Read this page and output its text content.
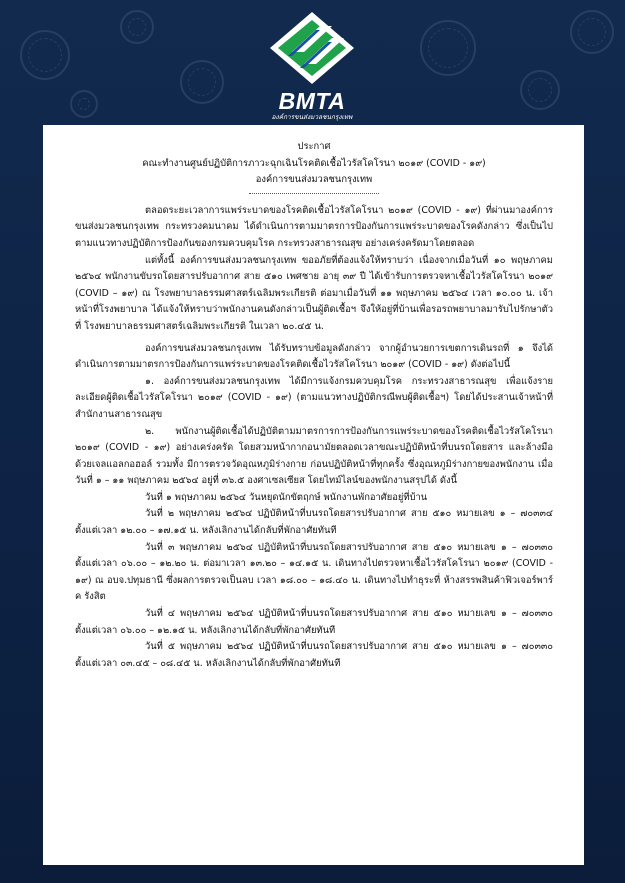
BMTA
องค์การขนส่งมวลชนกรุงเทพ
ประกาศ
คณะทำงานศูนย์ปฏิบัติการภาวะฉุกเฉินโรคติดเชื้อไวรัสโคโรนา ๒๐๑๙ (COVID - ๑๙)
องค์การขนส่งมวลชนกรุงเทพ

ตลอดระยะเวลาการแพร่ระบาดของโรคติดเชื้อไวรัสโคโรนา ๒๐๑๙ (COVID - ๑๙) ที่ผ่านมาองค์การขนส่งมวลชนกรุงเทพ กระทรวงคมนาคม ได้ดำเนินการตามมาตรการป้องกันการแพร่ระบาดของโรคดังกล่าว ซึ่งเป็นไปตามแนวทางปฏิบัติการป้องกันของกรมควบคุมโรค กระทรวงสาธารณสุข อย่างเคร่งครัดมาโดยตลอด

แต่ทั้งนี้ องค์การขนส่งมวลชนกรุงเทพ ขออภัยที่ต้องแจ้งให้ทราบว่า เนื่องจากเมื่อวันที่ ๑๐ พฤษภาคม ๒๕๖๔ พนักงานขับรถโดยสารปรับอากาศ สาย ๕๑๐ เพศชาย อายุ ๓๙ ปี ได้เข้ารับการตรวจหาเชื้อไวรัสโคโรนา ๒๐๑๙ (COVID – ๑๙) ณ โรงพยาบาลธรรมศาสตร์เฉลิมพระเกียรติ ต่อมาเมื่อวันที่ ๑๑ พฤษภาคม ๒๕๖๔ เวลา ๑๐.๐๐ น. เจ้าหน้าที่โรงพยาบาล ได้แจ้งให้ทราบว่าพนักงานคนดังกล่าวเป็นผู้ติดเชื้อฯ จึงให้อยู่ที่บ้านเพื่อรอรถพยาบาลมารับไปรักษาตัวที่ โรงพยาบาลธรรมศาสตร์เฉลิมพระเกียรติ ในเวลา ๒๐.๔๕ น.

องค์การขนส่งมวลชนกรุงเทพ ได้รับทราบข้อมูลดังกล่าว จากผู้อำนวยการเขตการเดินรถที่ ๑ จึงได้ดำเนินการตามมาตรการป้องกันการแพร่ระบาดของโรคติดเชื้อไวรัสโคโรนา ๒๐๑๙ (COVID - ๑๙) ดังต่อไปนี้

๑. องค์การขนส่งมวลชนกรุงเทพ ได้มีการแจ้งกรมควบคุมโรค กระทรวงสาธารณสุข เพื่อแจ้งรายละเอียดผู้ติดเชื้อไวรัสโคโรนา ๒๐๑๙ (COVID - ๑๙) (ตามแนวทางปฏิบัติกรณีพบผู้ติดเชื้อฯ) โดยได้ประสานเจ้าหน้าที่สำนักงานสาธารณสุข

๒. พนักงานผู้ติดเชื้อได้ปฏิบัติตามมาตรการการป้องกันการแพร่ระบาดของโรคติดเชื้อไวรัสโคโรนา ๒๐๑๙ (COVID - ๑๙) อย่างเคร่งครัด โดยสวมหน้ากากอนามัยตลอดเวลาขณะปฏิบัติหน้าที่บนรถโดยสาร และล้างมือด้วยเจลแอลกอฮอล์ รวมทั้ง มีการตรวจวัดอุณหภูมิร่างกาย ก่อนปฏิบัติหน้าที่ทุกครั้ง ซึ่งอุณหภูมิร่างกายของพนักงาน เมื่อวันที่ ๑ – ๑๑ พฤษภาคม ๒๕๖๔ อยู่ที่ ๓๖.๕ องศาเซลเซียส โดยไทม์ไลน์ของพนักงานสรุปได้ ดังนี้

วันที่ ๑ พฤษภาคม ๒๕๖๔ วันหยุดนักขัตฤกษ์ พนักงานพักอาศัยอยู่ที่บ้าน

วันที่ ๒ พฤษภาคม ๒๕๖๔ ปฏิบัติหน้าที่บนรถโดยสารปรับอากาศ สาย ๕๑๐ หมายเลข ๑ – ๗๐๓๓๔ ตั้งแต่เวลา ๑๒.๐๐ – ๑๗.๑๕ น. หลังเลิกงานได้กลับที่พักอาศัยทันที

วันที่ ๓ พฤษภาคม ๒๕๖๔ ปฏิบัติหน้าที่บนรถโดยสารปรับอากาศ สาย ๕๑๐ หมายเลข ๑ – ๗๐๓๓๐ ตั้งแต่เวลา ๐๖.๐๐ – ๑๒.๒๐ น. ต่อมาเวลา ๑๓.๒๐ – ๑๔.๑๕ น. เดินทางไปตรวจหาเชื้อไวรัสโคโรนา ๒๐๑๙ (COVID - ๑๙) ณ อบจ.ปทุมธานี ซึ่งผลการตรวจเป็นลบ เวลา ๑๘.๐๐ – ๑๘.๔๐ น. เดินทางไปทำธุระที่ ห้างสรรพสินค้าฟิวเจอร์พาร์ค รังสิต

วันที่ ๔ พฤษภาคม ๒๕๖๔ ปฏิบัติหน้าที่บนรถโดยสารปรับอากาศ สาย ๕๑๐ หมายเลข ๑ – ๗๐๓๓๐ ตั้งแต่เวลา ๐๖.๐๐ – ๑๒.๑๕ น. หลังเลิกงานได้กลับที่พักอาศัยทันที

วันที่ ๕ พฤษภาคม ๒๕๖๔ ปฏิบัติหน้าที่บนรถโดยสารปรับอากาศ สาย ๕๑๐ หมายเลข ๑ – ๗๐๓๓๐ ตั้งแต่เวลา ๐๓.๔๕ – ๐๘.๔๕ น. หลังเลิกงานได้กลับที่พักอาศัยทันที
